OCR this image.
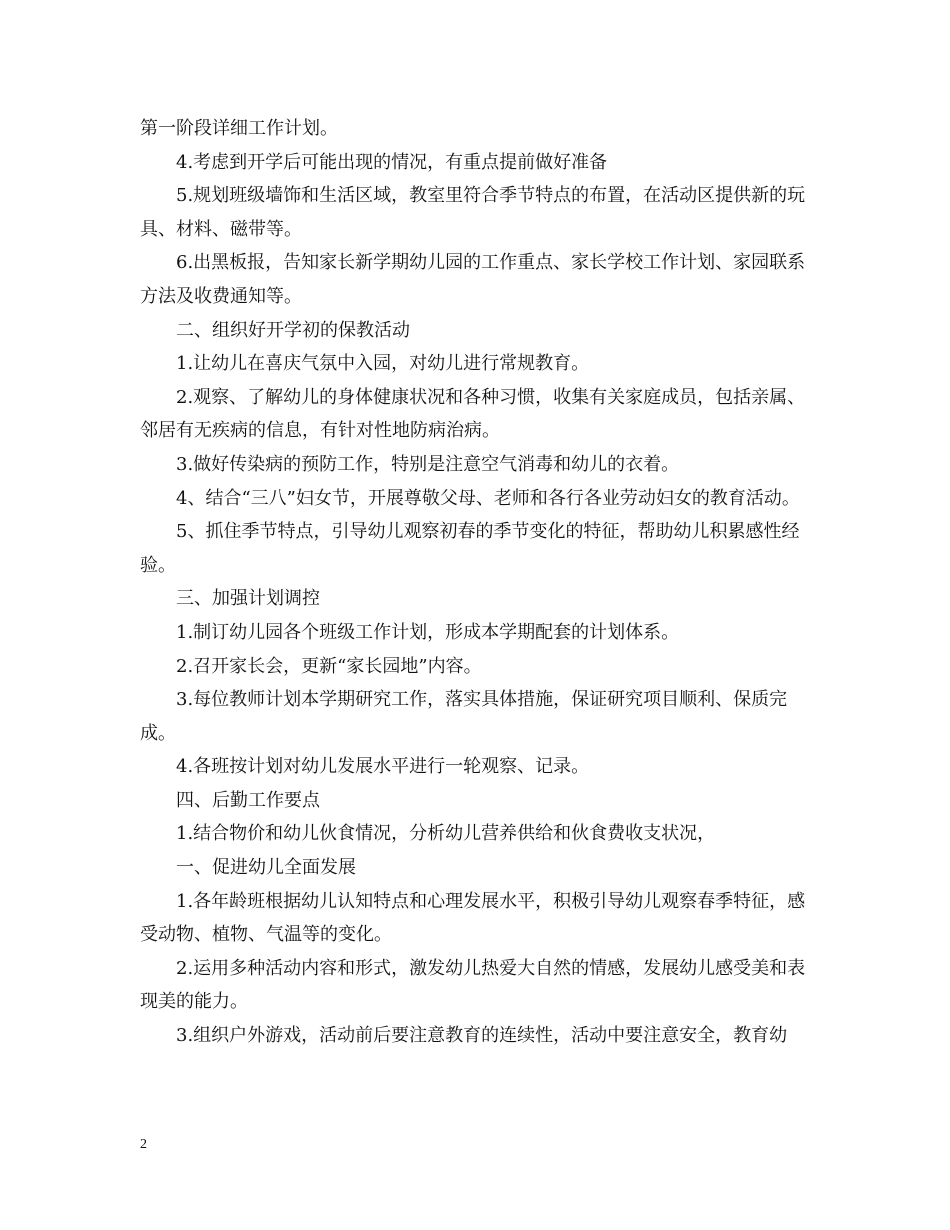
第一阶段详细工作计划。

4.考虑到开学后可能出现的情况，有重点提前做好准备

5.规划班级墙饰和生活区域，教室里符合季节特点的布置，在活动区提供新的玩具、材料、磁带等。

6.出黑板报，告知家长新学期幼儿园的工作重点、家长学校工作计划、家园联系方法及收费通知等。

二、组织好开学初的保教活动

1.让幼儿在喜庆气氛中入园，对幼儿进行常规教育。

2.观察、了解幼儿的身体健康状况和各种习惯，收集有关家庭成员，包括亲属、邻居有无疾病的信息，有针对性地防病治病。

3.做好传染病的预防工作，特别是注意空气消毒和幼儿的衣着。

4、结合“三八”妇女节，开展尊敬父母、老师和各行各业劳动妇女的教育活动。

5、抓住季节特点，引导幼儿观察初春的季节变化的特征，帮助幼儿积累感性经验。

三、加强计划调控

1.制订幼儿园各个班级工作计划，形成本学期配套的计划体系。

2.召开家长会，更新“家长园地”内容。

3.每位教师计划本学期研究工作，落实具体措施，保证研究项目顺利、保质完成。

4.各班按计划对幼儿发展水平进行一轮观察、记录。

四、后勤工作要点

1.结合物价和幼儿伙食情况，分析幼儿营养供给和伙食费收支状况，

一、促进幼儿全面发展

1.各年龄班根据幼儿认知特点和心理发展水平，积极引导幼儿观察春季特征，感受动物、植物、气温等的变化。

2.运用多种活动内容和形式，激发幼儿热爱大自然的情感，发展幼儿感受美和表现美的能力。

3.组织户外游戏，活动前后要注意教育的连续性，活动中要注意安全，教育幼

2
